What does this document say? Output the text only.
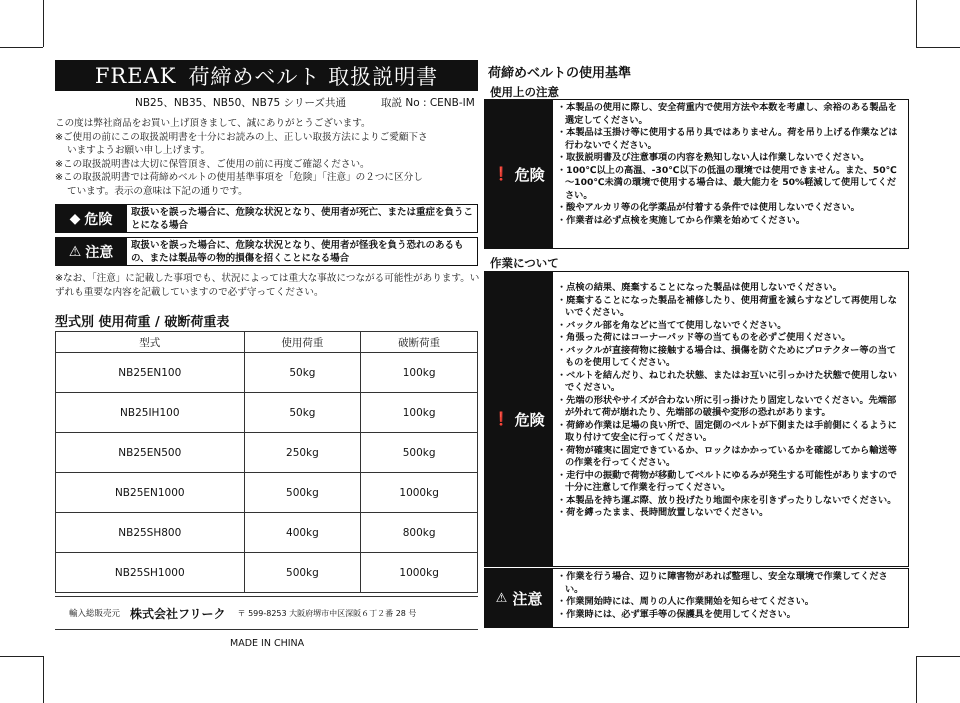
FREAK 荷締めベルト 取扱説明書
NB25、NB35、NB50、NB75 シリーズ共通	取説 No : CENB-IM

この度は弊社商品をお買い上げ頂きまして、誠にありがとうございます。

※ご使用の前にこの取扱説明書を十分にお読みの上、正しい取扱方法によりご愛顧下さ

いますようお願い申し上げます。

※この取扱説明書は大切に保管頂き、ご使用の前に再度ご確認ください。

※この取扱説明書では荷締めベルトの使用基準事項を「危険」「注意」の２つに区分し

ています。表示の意味は下記の通りです。

◆ 危険	取扱いを誤った場合に、危険な状況となり、使用者が死亡、または重症を負うことになる場合
⚠ 注意	取扱いを誤った場合に、危険な状況となり、使用者が怪我を負う恐れのあるもの、または製品等の物的損傷を招くことになる場合
※なお、「注意」に記載した事項でも、状況によっては重大な事故につながる可能性があります。いずれも重要な内容を記載していますので必ず守ってください。
型式別 使用荷重 / 破断荷重表
型式	使用荷重	破断荷重
NB25EN100	50kg	100kg
NB25IH100	50kg	100kg
NB25EN500	250kg	500kg
NB25EN1000	500kg	1000kg
NB25SH800	400kg	800kg
NB25SH1000	500kg	1000kg
輸入総販売元 株式会社フリーク 〒 599-8253 大阪府堺市中区深阪６丁２番 28 号
MADE IN CHINA
荷締めベルトの使用基準
使用上の注意
❗ 危険
・本製品の使用に際し、安全荷重内で使用方法や本数を考慮し、余裕のある製品を選定してください。
・本製品は玉掛け等に使用する吊り具ではありません。荷を吊り上げる作業などは行わないでください。
・取扱説明書及び注意事項の内容を熟知しない人は作業しないでください。
・100℃以上の高温、-30℃以下の低温の環境では使用できません。また、50℃～100℃未満の環境で使用する場合は、最大能力を 50%軽減して使用してください。
・酸やアルカリ等の化学薬品が付着する条件では使用しないでください。
・作業者は必ず点検を実施してから作業を始めてください。
作業について
❗ 危険
・点検の結果、廃棄することになった製品は使用しないでください。
・廃棄することになった製品を補修したり、使用荷重を減らすなどして再使用しないでください。
・バックル部を角などに当てて使用しないでください。
・角張った荷にはコーナーパッド等の当てものを必ずご使用ください。
・バックルが直接荷物に接触する場合は、損傷を防ぐためにプロテクター等の当てものを使用してください。
・ベルトを結んだり、ねじれた状態、またはお互いに引っかけた状態で使用しないでください。
・先端の形状やサイズが合わない所に引っ掛けたり固定しないでください。先端部が外れて荷が崩れたり、先端部の破損や変形の恐れがあります。
・荷締め作業は足場の良い所で、固定側のベルトが下側または手前側にくるように取り付けて安全に行ってください。
・荷物が確実に固定できているか、ロックはかかっているかを確認してから輸送等の作業を行ってください。
・走行中の振動で荷物が移動してベルトにゆるみが発生する可能性がありますので十分に注意して作業を行ってください。
・本製品を持ち運ぶ際、放り投げたり地面や床を引きずったりしないでください。
・荷を縛ったまま、長時間放置しないでください。
⚠ 注意
・作業を行う場合、辺りに障害物があれば整理し、安全な環境で作業してください。
・作業開始時には、周りの人に作業開始を知らせてください。
・作業時には、必ず軍手等の保護具を使用してください。
